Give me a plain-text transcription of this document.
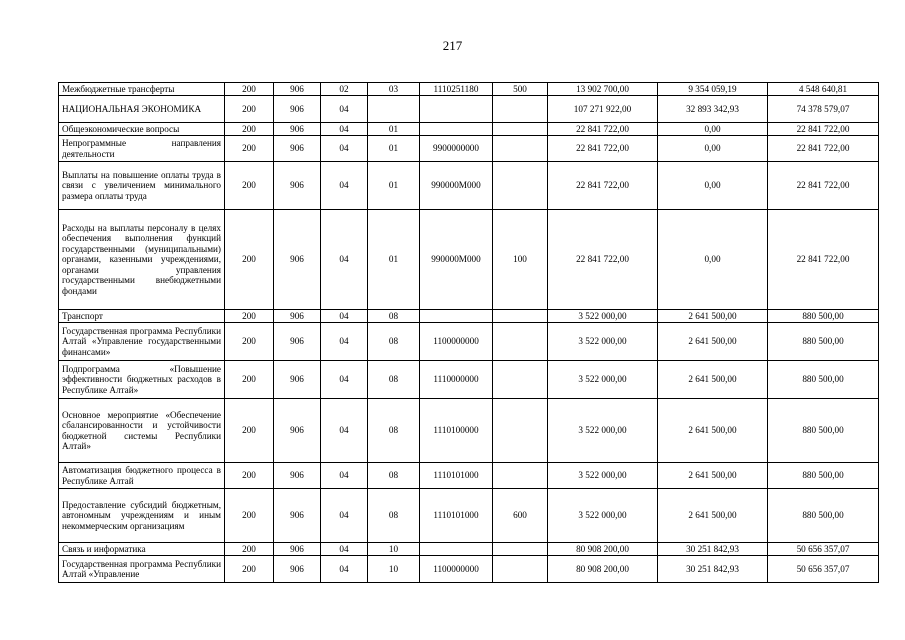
217
Межбюджетные трансферты	200	906	02	03	1110251180	500	13 902 700,00	9 354 059,19	4 548 640,81
НАЦИОНАЛЬНАЯ ЭКОНОМИКА	200	906	04				107 271 922,00	32 893 342,93	74 378 579,07
Общеэкономические вопросы	200	906	04	01			22 841 722,00	0,00	22 841 722,00
Непрограммные направления деятельности	200	906	04	01	9900000000		22 841 722,00	0,00	22 841 722,00
Выплаты на повышение оплаты труда в связи с увеличением минимального размера оплаты труда	200	906	04	01	990000М000		22 841 722,00	0,00	22 841 722,00
Расходы на выплаты персоналу в целях обеспечения выполнения функций государственными (муниципальными) органами, казенными учреждениями, органами управления государственными внебюджетными фондами	200	906	04	01	990000М000	100	22 841 722,00	0,00	22 841 722,00
Транспорт	200	906	04	08			3 522 000,00	2 641 500,00	880 500,00
Государственная программа Республики Алтай «Управление государственными финансами»	200	906	04	08	1100000000		3 522 000,00	2 641 500,00	880 500,00
Подпрограмма «Повышение эффективности бюджетных расходов в Республике Алтай»	200	906	04	08	1110000000		3 522 000,00	2 641 500,00	880 500,00
Основное мероприятие «Обеспечение сбалансированности и устойчивости бюджетной системы Республики Алтай»	200	906	04	08	1110100000		3 522 000,00	2 641 500,00	880 500,00
Автоматизация бюджетного процесса в Республике Алтай	200	906	04	08	1110101000		3 522 000,00	2 641 500,00	880 500,00
Предоставление субсидий бюджетным, автономным учреждениям и иным некоммерческим организациям	200	906	04	08	1110101000	600	3 522 000,00	2 641 500,00	880 500,00
Связь и информатика	200	906	04	10			80 908 200,00	30 251 842,93	50 656 357,07
Государственная программа Республики Алтай «Управление	200	906	04	10	1100000000		80 908 200,00	30 251 842,93	50 656 357,07
